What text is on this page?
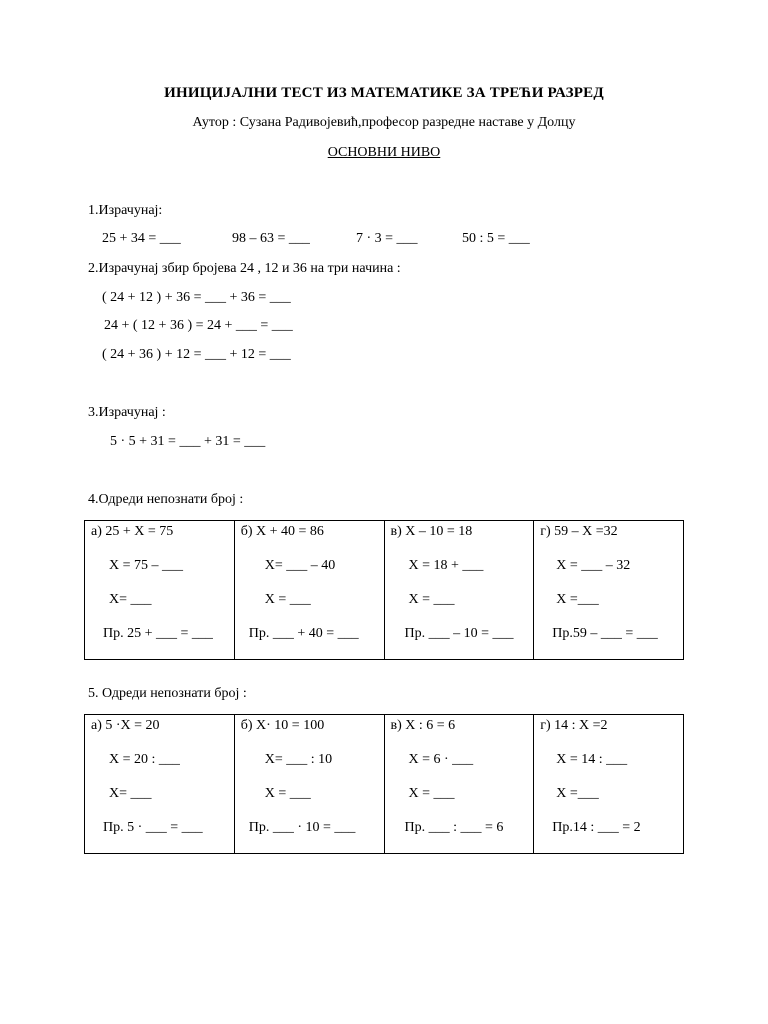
ИНИЦИЈАЛНИ ТЕСТ ИЗ МАТЕМАТИКЕ ЗА ТРЕЋИ РАЗРЕД
Аутор : Сузана Радивојевић,професор разредне наставе у Долцу
ОСНОВНИ НИВО
1.Израчунај:
25 + 34 = ___	98 – 63 = ___	7 · 3 = ___	50 : 5 = ___
2.Израчунај збир бројева 24 , 12 и 36 на три начина :
( 24 + 12 ) + 36 = ___ + 36 = ___
24 + ( 12 + 36 ) = 24 + ___ = ___
( 24 + 36 ) + 12 = ___ + 12 = ___
3.Израчунај :
5 · 5 + 31 = ___ + 31 = ___
4.Одреди непознати број :
а) 25 + X = 75
X = 75 – ___
X= ___
Пр. 25 + ___ = ___

б) X + 40 = 86
X= ___ – 40
X = ___
Пр. ___ + 40 = ___

в) X – 10 = 18
X = 18 + ___
X = ___
Пр. ___ – 10 = ___

г) 59 – X =32
X = ___ – 32
X =___
Пр.59 – ___ = ___
5. Одреди непознати број :
а) 5 ·X = 20
X = 20 : ___
X= ___
Пр. 5 · ___ = ___

б) X· 10 = 100
X= ___ : 10
X = ___
Пр. ___ · 10 = ___

в) X : 6 = 6
X = 6 · ___
X = ___
Пр. ___ : ___ = 6

г) 14 : X =2
X = 14 : ___
X =___
Пр.14 : ___ = 2
